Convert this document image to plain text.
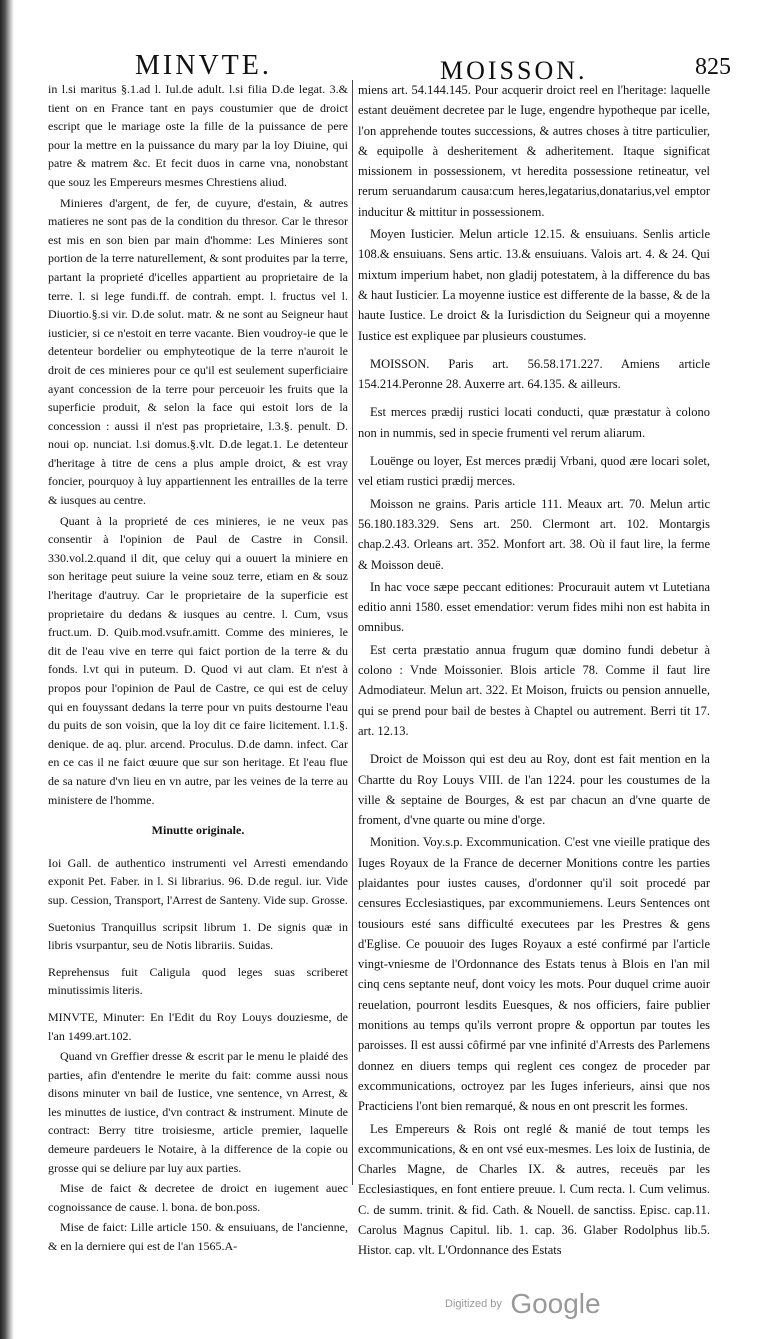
MINVTE.	MOISSON.	825

in l.si maritus §.1.ad l. Iul.de adult. l.si filia D.de legat. 3.& tient on en France tant en pays coustumier que de droict escript que le mariage oste la fille de la puissance de pere pour la mettre en la puissance du mary par la loy Diuine, qui patre & matrem &c. Et fecit duos in carne vna, nonobstant que souz les Empereurs mesmes Chrestiens aliud.

Minieres d'argent, de fer, de cuyure, d'estain, & autres matieres ne sont pas de la condition du thresor. Car le thresor est mis en son bien par main d'homme: Les Minieres sont portion de la terre naturellement, & sont produites par la terre, partant la proprieté d'icelles appartient au proprietaire de la terre. l. si lege fundi.ff. de contrah. empt. l. fructus vel l. Diuortio.§.si vir. D.de solut. matr. & ne sont au Seigneur haut iusticier, si ce n'estoit en terre vacante. Bien voudroy-ie que le detenteur bordelier ou emphyteotique de la terre n'auroit le droit de ces minieres pour ce qu'il est seulement superficiaire ayant concession de la terre pour perceuoir les fruits que la superficie produit, & selon la face qui estoit lors de la concession : aussi il n'est pas proprietaire, l.3.§. penult. D. noui op. nunciat. l.si domus.§.vlt. D.de legat.1. Le detenteur d'heritage à titre de cens a plus ample droict, & est vray foncier, pourquoy à luy appartiennent les entrailles de la terre & iusques au centre.

Quant à la proprieté de ces minieres, ie ne veux pas consentir à l'opinion de Paul de Castre in Consil. 330.vol.2.quand il dit, que celuy qui a ouuert la miniere en son heritage peut suiure la veine souz terre, etiam en & souz l'heritage d'autruy. Car le proprietaire de la superficie est proprietaire du dedans & iusques au centre. l. Cum, vsus fruct.um. D. Quib.mod.vsufr.amitt. Comme des minieres, le dit de l'eau vive en terre qui faict portion de la terre & du fonds. l.vt qui in puteum. D. Quod vi aut clam. Et n'est à propos pour l'opinion de Paul de Castre, ce qui est de celuy qui en fouyssant dedans la terre pour vn puits destourne l'eau du puits de son voisin, que la loy dit ce faire licitement. l.1.§. denique. de aq. plur. arcend. Proculus. D.de damn. infect. Car en ce cas il ne faict œuure que sur son heritage. Et l'eau flue de sa nature d'vn lieu en vn autre, par les veines de la terre au ministere de l'homme.

Minutte originale.

Ioi Gall. de authentico instrumenti vel Arresti emendando exponit Pet. Faber. in l. Si librarius. 96. D.de regul. iur. Vide sup. Cession, Transport, l'Arrest de Santeny. Vide sup. Grosse.

Suetonius Tranquillus scripsit librum 1. De signis quæ in libris vsurpantur, seu de Notis librariis. Suidas.

Reprehensus fuit Caligula quod leges suas scriberet minutissimis literis.

MINVTE, Minuter: En l'Edit du Roy Louys douziesme, de l'an 1499.art.102.

Quand vn Greffier dresse & escrit par le menu le plaidé des parties, afin d'entendre le merite du fait: comme aussi nous disons minuter vn bail de Iustice, vne sentence, vn Arrest, & les minuttes de iustice, d'vn contract & instrument. Minute de contract: Berry titre troisiesme, article premier, laquelle demeure pardeuers le Notaire, à la difference de la copie ou grosse qui se deliure par luy aux parties.

Mise de faict & decretee de droict en iugement auec cognoissance de cause. l. bona. de bon.poss.

Mise de faict: Lille article 150. & ensuiuans, de l'ancienne, & en la derniere qui est de l'an 1565.A-

miens art. 54.144.145. Pour acquerir droict reel en l'heritage: laquelle estant deuëment decretee par le Iuge, engendre hypotheque par icelle, l'on apprehende toutes successions, & autres choses à titre particulier, & equipolle à desheritement & adheritement. Itaque significat missionem in possessionem, vt heredita possessione retineatur, vel rerum seruandarum causa:cum heres,legatarius,donatarius,vel emptor inducitur & mittitur in possessionem.

Moyen Iusticier. Melun article 12.15. & ensuiuans. Senlis article 108.& ensuiuans. Sens artic. 13.& ensuiuans. Valois art. 4. & 24. Qui mixtum imperium habet, non gladij potestatem, à la difference du bas & haut Iusticier. La moyenne iustice est differente de la basse, & de la haute Iustice. Le droict & la Iurisdiction du Seigneur qui a moyenne Iustice est expliquee par plusieurs coustumes.

MOISSON. Paris art. 56.58.171.227. Amiens article 154.214.Peronne 28. Auxerre art. 64.135. & ailleurs.

Est merces prædij rustici locati conducti, quæ præstatur à colono non in nummis, sed in specie frumenti vel rerum aliarum.

Louënge ou loyer, Est merces prædij Vrbani, quod ære locari solet, vel etiam rustici prædij merces.

Moisson ne grains. Paris article 111. Meaux art. 70. Melun artic 56.180.183.329. Sens art. 250. Clermont art. 102. Montargis chap.2.43. Orleans art. 352. Monfort art. 38. Où il faut lire, la ferme & Moisson deuë.

In hac voce sæpe peccant editiones: Procurauit autem vt Lutetiana editio anni 1580. esset emendatior: verum fides mihi non est habita in omnibus.

Est certa præstatio annua frugum quæ domino fundi debetur à colono : Vnde Moissonier. Blois article 78. Comme il faut lire Admodiateur. Melun art. 322. Et Moison, fruicts ou pension annuelle, qui se prend pour bail de bestes à Chaptel ou autrement. Berri tit 17. art. 12.13.

Droict de Moisson qui est deu au Roy, dont est fait mention en la Chartte du Roy Louys VIII. de l'an 1224. pour les coustumes de la ville & septaine de Bourges, & est par chacun an d'vne quarte de froment, d'vne quarte ou mine d'orge.

Monition. Voy.s.p. Excommunication. C'est vne vieille pratique des Iuges Royaux de la France de decerner Monitions contre les parties plaidantes pour iustes causes, d'ordonner qu'il soit procedé par censures Ecclesiastiques, par excommuniemens. Leurs Sentences ont tousiours esté sans difficulté executees par les Prestres & gens d'Eglise. Ce pouuoir des Iuges Royaux a esté confirmé par l'article vingt-vniesme de l'Ordonnance des Estats tenus à Blois en l'an mil cinq cens septante neuf, dont voicy les mots. Pour duquel crime auoir reuelation, pourront lesdits Euesques, & nos officiers, faire publier monitions au temps qu'ils verront propre & opportun par toutes les paroisses. Il est aussi côfirmé par vne infinité d'Arrests des Parlemens donnez en diuers temps qui reglent ces congez de proceder par excommunications, octroyez par les Iuges inferieurs, ainsi que nos Practiciens l'ont bien remarqué, & nous en ont prescrit les formes.

Les Empereurs & Rois ont reglé & manié de tout temps les excommunications, & en ont vsé eux-mesmes. Les loix de Iustinia, de Charles Magne, de Charles IX. & autres, receuës par les Ecclesiastiques, en font entiere preuue. l. Cum recta. l. Cum velimus. C. de summ. trinit. & fid. Cath. & Nouell. de sanctiss. Episc. cap.11. Carolus Magnus Capitul. lib. 1. cap. 36. Glaber Rodolphus lib.5. Histor. cap. vlt. L'Ordonnance des Estats

Digitized by Google
